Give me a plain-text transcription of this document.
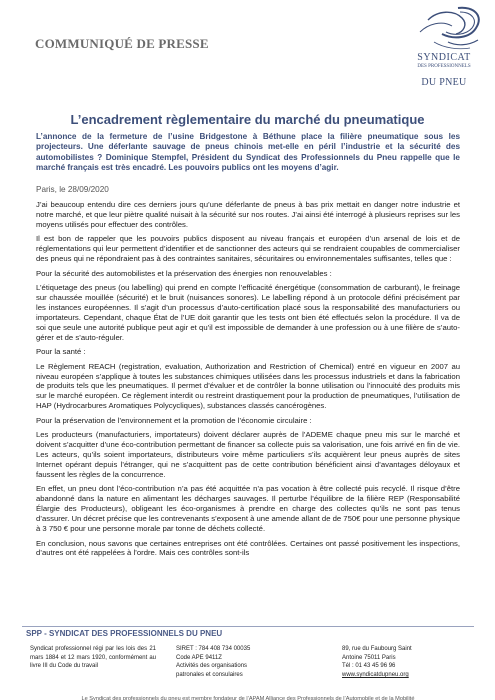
COMMUNIQUÉ DE PRESSE
SYNDICAT
DES PROFESSIONNELS
DU PNEU
L’encadrement règlementaire du marché du pneumatique
L’annonce de la fermeture de l’usine Bridgestone à Béthune place la filière pneumatique sous les projecteurs. Une déferlante sauvage de pneus chinois met-elle en péril l’industrie et la sécurité des automobilistes ? Dominique Stempfel, Président du Syndicat des Professionnels du Pneu rappelle que le marché français est très encadré. Les pouvoirs publics ont les moyens d’agir.
Paris, le 28/09/2020

J’ai beaucoup entendu dire ces derniers jours qu’une déferlante de pneus à bas prix mettait en danger notre industrie et notre marché, et que leur piètre qualité nuisait à la sécurité sur nos routes. J’ai ainsi été interrogé à plusieurs reprises sur les moyens utilisés pour effectuer des contrôles.

Il est bon de rappeler que les pouvoirs publics disposent au niveau français et européen d’un arsenal de lois et de réglementations qui leur permettent d’identifier et de sanctionner des acteurs qui se rendraient coupables de commercialiser des pneus qui ne répondraient pas à des contraintes sanitaires, sécuritaires ou environnementales suffisantes, telles que :

Pour la sécurité des automobilistes et la préservation des énergies non renouvelables :

L’étiquetage des pneus (ou labelling) qui prend en compte l’efficacité énergétique (consommation de carburant), le freinage sur chaussée mouillée (sécurité) et le bruit (nuisances sonores). Le labelling répond à un protocole défini précisément par les instances européennes. Il s’agit d’un processus d’auto-certification placé sous la responsabilité des manufacturiers ou importateurs. Cependant, chaque État de l’UE doit garantir que les tests ont bien été effectués selon la procédure. Il va de soi que seule une autorité publique peut agir et qu’il est impossible de demander à une profession ou à une filière de s’auto-gérer et de s’auto-réguler.

Pour la santé :

Le Règlement REACH (registration, evaluation, Authorization and Restriction of Chemical) entré en vigueur en 2007 au niveau européen s’applique à toutes les substances chimiques utilisées dans les processus industriels et dans la fabrication de produits tels que les pneumatiques. Il permet d’évaluer et de contrôler la bonne utilisation ou l’innocuité des produits mis sur le marché européen. Ce règlement interdit ou restreint drastiquement pour la production de pneumatiques, l’utilisation de HAP (Hydrocarbures Aromatiques Polycycliques), substances classés cancérogènes.

Pour la préservation de l’environnement et la promotion de l’économie circulaire :

Les producteurs (manufacturiers, importateurs) doivent déclarer auprès de l’ADEME chaque pneu mis sur le marché et doivent s’acquitter d’une éco-contribution permettant de financer sa collecte puis sa valorisation, une fois arrivé en fin de vie. Les acteurs, qu’ils soient importateurs, distributeurs voire même particuliers s’ils acquièrent leur pneus auprès de sites Internet opérant depuis l’étranger, qui ne s’acquittent pas de cette contribution bénéficient ainsi d’avantages déloyaux et faussent les règles de la concurrence.

En effet, un pneu dont l’éco-contribution n’a pas été acquittée n’a pas vocation à être collecté puis recyclé. Il risque d’être abandonné dans la nature en alimentant les décharges sauvages. Il perturbe l’équilibre de la filière REP (Responsabilité Élargie des Producteurs), obligeant les éco-organismes à prendre en charge des collectes qu’ils ne sont pas tenus d’assurer. Un décret précise que les contrevenants s’exposent à une amende allant de de 750€ pour une personne physique à 3 750 € pour une personne morale par tonne de déchets collecté.

En conclusion, nous savons que certaines entreprises ont été contrôlées. Certaines ont passé positivement les inspections, d’autres ont été rappelées à l’ordre. Mais ces contrôles sont-ils

SPP - SYNDICAT DES PROFESSIONNELS DU PNEU
Syndicat professionnel régi par les lois des 21 mars 1884 et 12 mars 1920, conformément au livre III du Code du travail
SIRET : 784 408 734 00035
Code APE 9411Z
Activités des organisations
patronales et consulaires
89, rue du Faubourg Saint
Antoine 75011 Paris
Tél : 01 43 45 96 96
www.syndicatdupneu.org
Le Syndicat des professionnels du pneu est membre fondateur de l’APAM Alliance des Professionnels de l’Automobile et de la Mobilité
